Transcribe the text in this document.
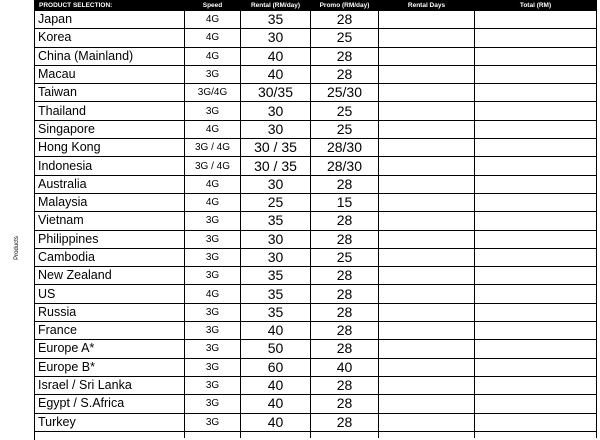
Products
PRODUCT SELECTION:	Speed	Rental (RM/day)	Promo (RM/day)	Rental Days	Total (RM)
Japan	4G	35	28		
Korea	4G	30	25		
China (Mainland)	4G	40	28		
Macau	3G	40	28		
Taiwan	3G/4G	30/35	25/30		
Thailand	3G	30	25		
Singapore	4G	30	25		
Hong Kong	3G / 4G	30 / 35	28/30		
Indonesia	3G / 4G	30 / 35	28/30		
Australia	4G	30	28		
Malaysia	4G	25	15		
Vietnam	3G	35	28		
Philippines	3G	30	28		
Cambodia	3G	30	25		
New Zealand	3G	35	28		
US	4G	35	28		
Russia	3G	35	28		
France	3G	40	28		
Europe A*	3G	50	28		
Europe B*	3G	60	40		
Israel / Sri Lanka	3G	40	28		
Egypt / S.Africa	3G	40	28		
Turkey	3G	40	28		
